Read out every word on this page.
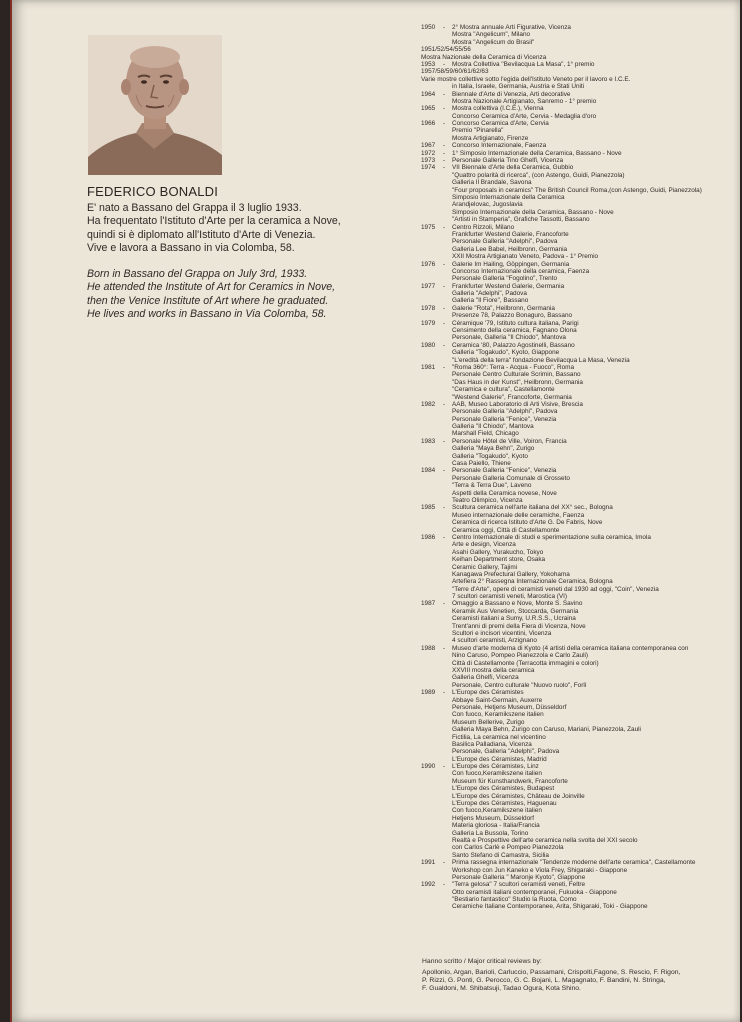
FEDERICO BONALDI
E' nato a Bassano del Grappa il 3 luglio 1933.
Ha frequentato l'Istituto d'Arte per la ceramica a Nove,
quindi si è diplomato all'Istituto d'Arte di Venezia.
Vive e lavora a Bassano in via Colomba, 58.
Born in Bassano del Grappa on July 3rd, 1933.
He attended the Institute of Art for Ceramics in Nove,
then the Venice Institute of Art where he graduated.
He lives and works in Bassano in Via Colomba, 58.
1950 - 2° Mostra annuale Arti Figurative, Vicenza
Mostra "Angelicum", Milano
Mostra "Angelicum do Brasil"
1951/52/54/55/56
Mostra Nazionale della Ceramica di Vicenza
1953 - Mostra Collettiva "Bevilacqua La Masa", 1° premio
1957/58/59/60/61/62/63
Varie mostre collettive sotto l'egida dell'Istituto Veneto per il lavoro e I.C.E.
in Italia, Israele, Germania, Austria e Stati Uniti
1964 - Biennale d'Arte di Venezia, Arti decorative
Mostra Nazionale Artigianato, Sanremo - 1° premio
1965 - Mostra collettiva (I.C.E.), Vienna
Concorso Ceramica d'Arte, Cervia - Medaglia d'oro
1966 - Concorso Ceramica d'Arte, Cervia
Premio "Pinarella"
Mostra Artigianato, Firenze
1967 - Concorso Internazionale, Faenza
1972 - 1° Simposio Internazionale della Ceramica, Bassano - Nove
1973 - Personale Galleria Tino Ghelfi, Vicenza
1974 - VII Biennale d'Arte della Ceramica, Gubbio
"Quattro polarità di ricerca", (con Astengo, Guidi, Pianezzola)
Galleria Il Brandale, Savona
"Four proposals in ceramics" The British Council Roma,(con Astengo, Guidi, Pianezzola)
Simposio Internazionale della Ceramica
Arandjelovac, Jugoslavia
Simposio Internazionale della Ceramica, Bassano - Nove
"Artisti in Stamperia", Grafiche Tassotti, Bassano
1975 - Centro Rizzoli, Milano
Frankfurter Westend Galerie, Francoforte
Personale Galleria "Adelphi", Padova
Galleria Lee Babel, Heilbronn, Germania
XXII Mostra Artigianato Veneto, Padova - 1° Premio
1976 - Galerie Im Hailing, Göppingen, Germania
Concorso Internazionale della ceramica, Faenza
Personale Galleria "Fogolino", Trento
1977 - Frankfurter Westend Galerie, Germania
Galleria "Adelphi", Padova
Galleria "Il Fiore", Bassano
1978 - Galerie "Rota", Heilbronn, Germania
Presenze 78, Palazzo Bonaguro, Bassano
1979 - Céramique '79, Istituto cultura italiana, Parigi
Censimento della ceramica, Fagnano Olona
Personale, Galleria "Il Chiodo", Mantova
1980 - Ceramica '80, Palazzo Agostinelli, Bassano
Galleria "Togakudo", Kyoto, Giappone
"L'eredità della terra" fondazione Bevilacqua La Masa, Venezia
1981 - "Roma 360°: Terra - Acqua - Fuoco", Roma
Personale Centro Culturale Scrimin, Bassano
"Das Haus in der Kunst", Heilbronn, Germania
"Ceramica e cultura", Castellamonte
"Westend Galerie", Francoforte, Germania
1982 - AAB, Museo Laboratorio di Arti Visive, Brescia
Personale Galleria "Adelphi", Padova
Personale Galleria "Fenice", Venezia
Galleria "Il Chiodo", Mantova
Marshall Field, Chicago
1983 - Personale Hôtel de Ville, Voiron, Francia
Galleria "Maya Behn", Zurigo
Galleria "Togakudo", Kyoto
Casa Paiello, Thiene
1984 - Personale Galleria "Fenice", Venezia
Personale Galleria Comunale di Grosseto
"Terra & Terra Due", Laveno
Aspetti della Ceramica novese, Nove
Teatro Olimpico, Vicenza
1985 - Scultura ceramica nell'arte italiana del XX° sec., Bologna
Museo internazionale delle ceramiche, Faenza
Ceramica di ricerca Istituto d'Arte G. De Fabris, Nove
Ceramica oggi, Città di Castellamonte
1986 - Centro Internazionale di studi e sperimentazione sulla ceramica, Imola
Arte e design, Vicenza
Asahi Gallery, Yurakucho, Tokyo
Keihan Department store, Osaka
Ceramic Gallery, Tajimi
Kanagawa Prefectural Gallery, Yokohama
Artefiera 2° Rassegna Internazionale Ceramica, Bologna
"Terre d'Arte", opere di ceramisti veneti dal 1930 ad oggi, "Coin", Venezia
7 scultori ceramisti veneti, Marostica (VI)
1987 - Omaggio a Bassano e Nove, Monte S. Savino
Keramik Aus Venetien, Stoccarda, Germania
Ceramisti italiani a Sumy, U.R.S.S., Ucraina
Trent'anni di premi della Fiera di Vicenza, Nove
Scultori e incisori vicentini, Vicenza
4 scultori ceramisti, Arzignano
1988 - Museo d'arte moderna di Kyoto (4 artisti della ceramica italiana contemporanea con
Nino Caruso, Pompeo Pianezzola e Carlo Zauli)
Città di Castellamonte (Terracotta immagini e colori)
XXVIII mostra della ceramica
Galleria Ghelfi, Vicenza
Personale, Centro culturale "Nuovo ruolo", Forlì
1989 - L'Europe des Céramistes
Abbaye Saint-Germain, Auxerre
Personale, Hetjens Museum, Düsseldorf
Con fuoco, Keramikszene italien
Museum Bellerive, Zurigo
Galleria Maya Behn, Zurigo con Caruso, Mariani, Pianezzola, Zauli
Fictilia, La ceramica nel vicentino
Basilica Palladiana, Vicenza
Personale, Galleria "Adelphi", Padova
L'Europe des Céramistes, Madrid
1990 - L'Europe des Céramistes, Linz
Con fuoco,Keramikszene italien
Museum für Kunsthandwerk, Francoforte
L'Europe des Céramistes, Budapest
L'Europe des Céramistes, Château de Joinville
L'Europe des Céramistes, Haguenau
Con fuoco,Keramikszene italien
Hetjens Museum, Düsseldorf
Materia gloriosa - Italia/Francia
Galleria La Bussola, Torino
Realtà e Prospettive dell'arte ceramica nella svolta del XXI secolo
con Carlos Carlè e Pompeo Pianezzola
Santo Stefano di Camastra, Sicilia
1991 - Prima rassegna internazionale "Tendenze moderne dell'arte ceramica", Castellamonte
Workshop con Jun Kaneko e Viola Frey, Shigaraki - Giappone
Personale Galleria " Maronje Kyoto", Giappone
1992 - "Terra gelosa" 7 scultori ceramisti veneti, Feltre
Otto ceramisti italiani contemporanei, Fukuoka - Giappone
"Bestiario fantastico" Studio la Ruota, Como
Ceramiche Italiane Contemporanee, Arita, Shigaraki, Toki - Giappone
Hanno scritto / Major critical reviews by:
Apollonio, Argan, Barioli, Carluccio, Passamani, Crispolti,Fagone, S. Rescio, F. Rigon,
P. Rizzi, G. Ponti, G. Perocco, G. C. Bojani, L. Magagnato, F. Bandini, N. Stringa,
F. Gualdoni, M. Shibatsuji, Tadao Ogura, Kota Shino.
